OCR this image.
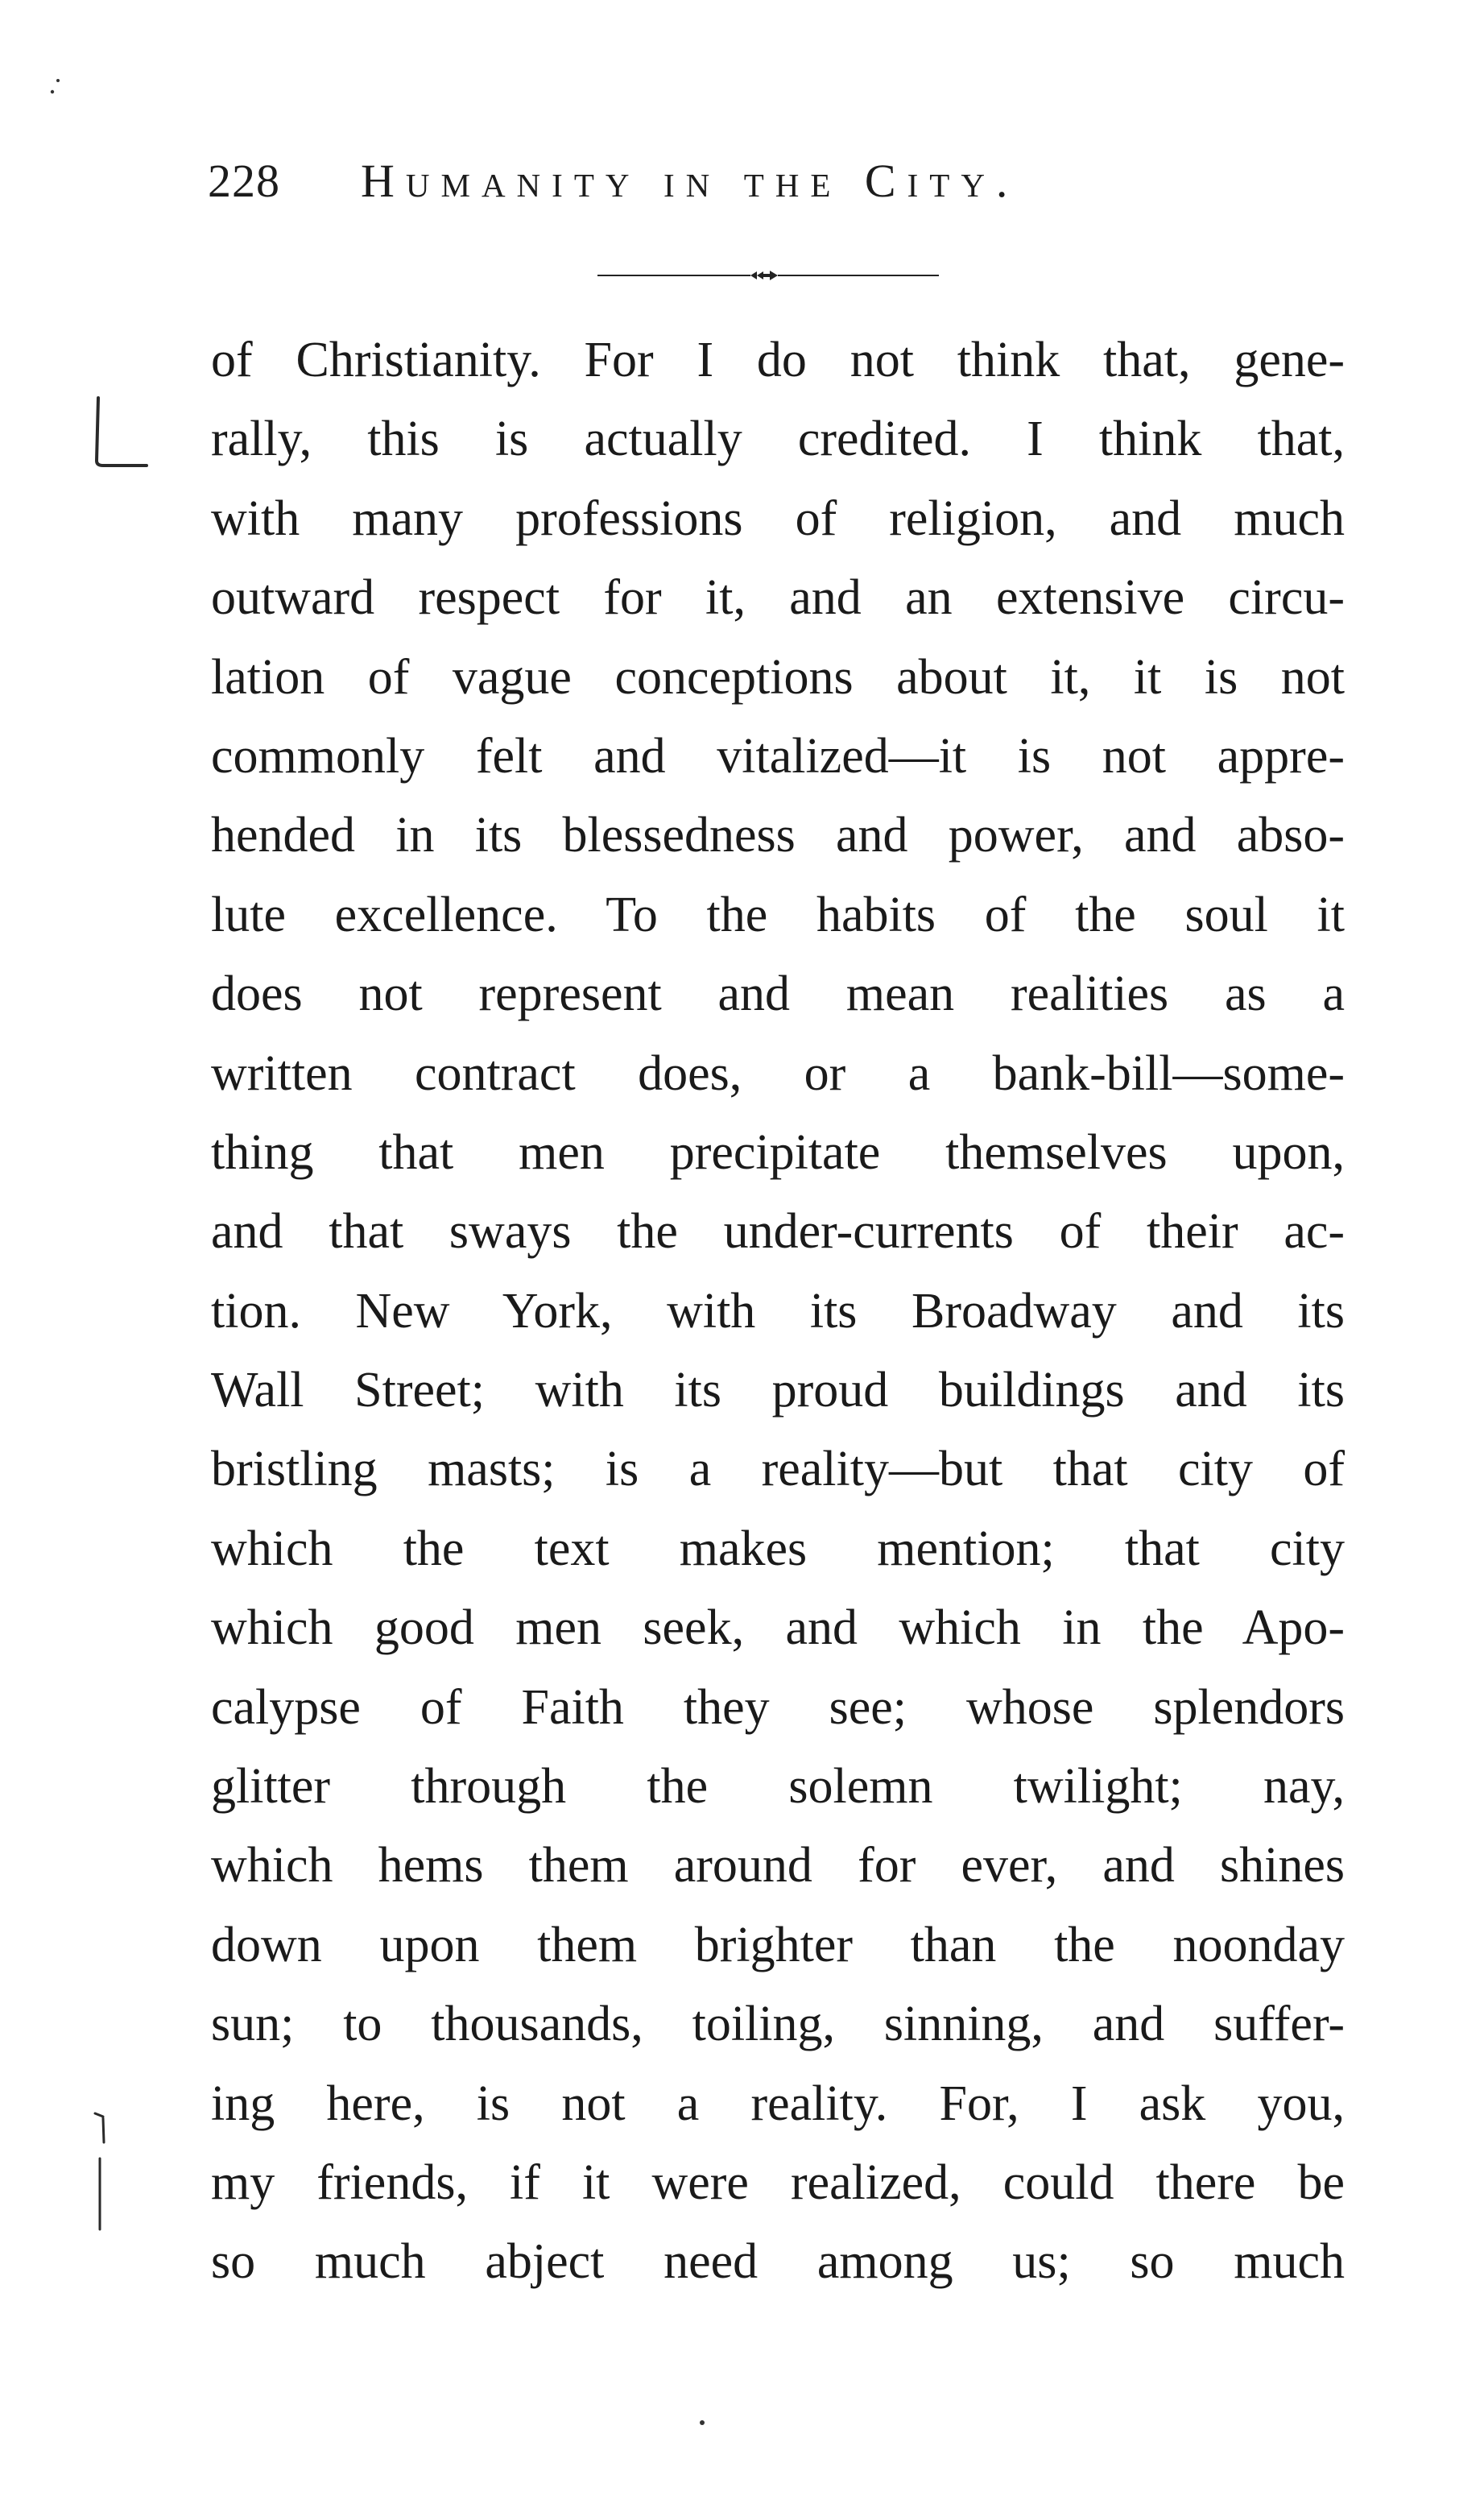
228 Humanity in the City.
of Christianity. For I do not think that, gene-
rally, this is actually credited. I think that,
with many professions of religion, and much
outward respect for it, and an extensive circu-
lation of vague conceptions about it, it is not
commonly felt and vitalized—it is not appre-
hended in its blessedness and power, and abso-
lute excellence. To the habits of the soul it
does not represent and mean realities as a
written contract does, or a bank-bill—some-
thing that men precipitate themselves upon,
and that sways the under-currents of their ac-
tion. New York, with its Broadway and its
Wall Street; with its proud buildings and its
bristling masts; is a reality—but that city of
which the text makes mention; that city
which good men seek, and which in the Apo-
calypse of Faith they see; whose splendors
glitter through the solemn twilight; nay,
which hems them around for ever, and shines
down upon them brighter than the noonday
sun; to thousands, toiling, sinning, and suffer-
ing here, is not a reality. For, I ask you,
my friends, if it were realized, could there be
so much abject need among us; so much
